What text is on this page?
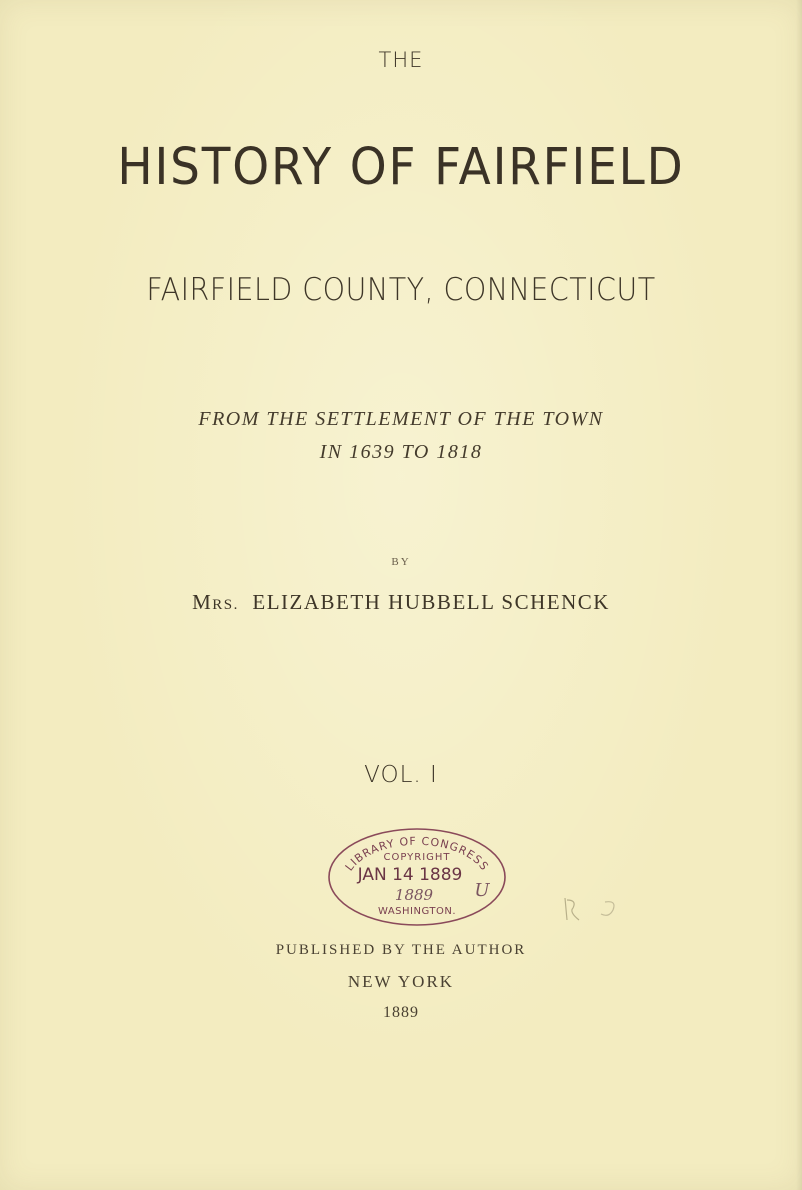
THE
HISTORY OF FAIRFIELD
FAIRFIELD COUNTY, CONNECTICUT
FROM THE SETTLEMENT OF THE TOWN
IN 1639 TO 1818
BY
MRS. ELIZABETH HUBBELL SCHENCK
VOL. I
LIBRARY OF CONGRESS
COPYRIGHT
JAN 14 1889
1889 U
WASHINGTON.
PUBLISHED BY THE AUTHOR
NEW YORK
1889
